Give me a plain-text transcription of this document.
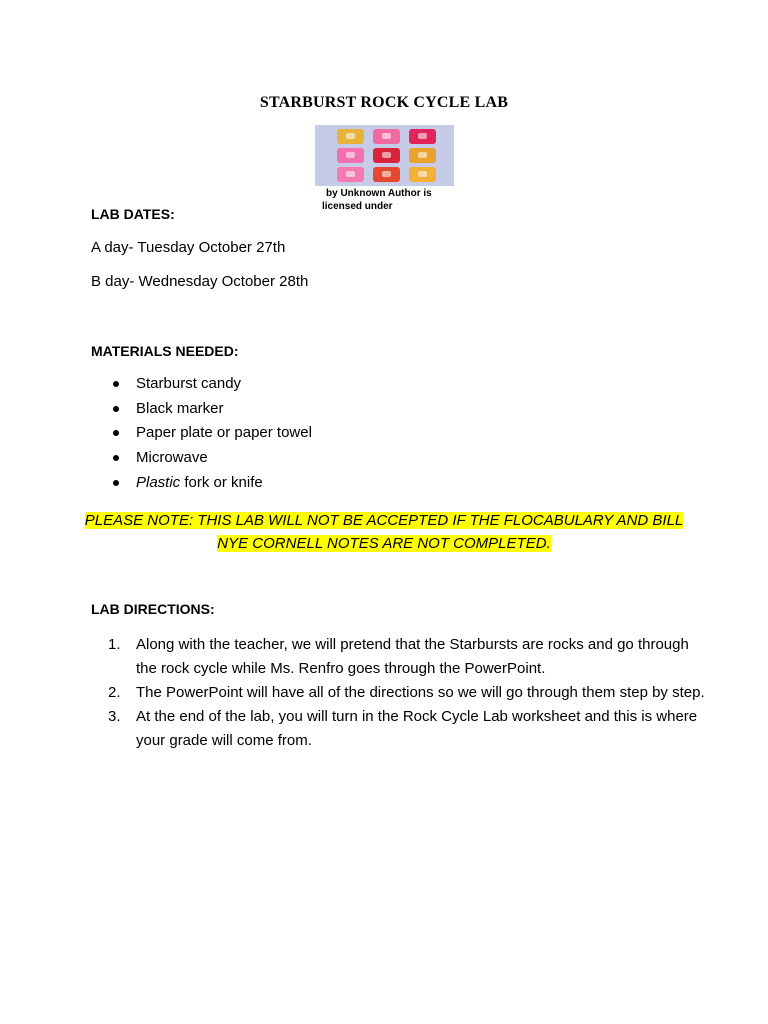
STARBURST ROCK CYCLE LAB
by Unknown Author is
licensed under
LAB DATES:
A day- Tuesday October 27th
B day- Wednesday October 28th
MATERIALS NEEDED:
Starburst candy
Black marker
Paper plate or paper towel
Microwave
Plastic fork or knife
PLEASE NOTE: THIS LAB WILL NOT BE ACCEPTED IF THE FLOCABULARY AND BILL
NYE CORNELL NOTES ARE NOT COMPLETED.
LAB DIRECTIONS:
1. Along with the teacher, we will pretend that the Starbursts are rocks and go through the rock cycle while Ms. Renfro goes through the PowerPoint.
2. The PowerPoint will have all of the directions so we will go through them step by step.
3. At the end of the lab, you will turn in the Rock Cycle Lab worksheet and this is where your grade will come from.
